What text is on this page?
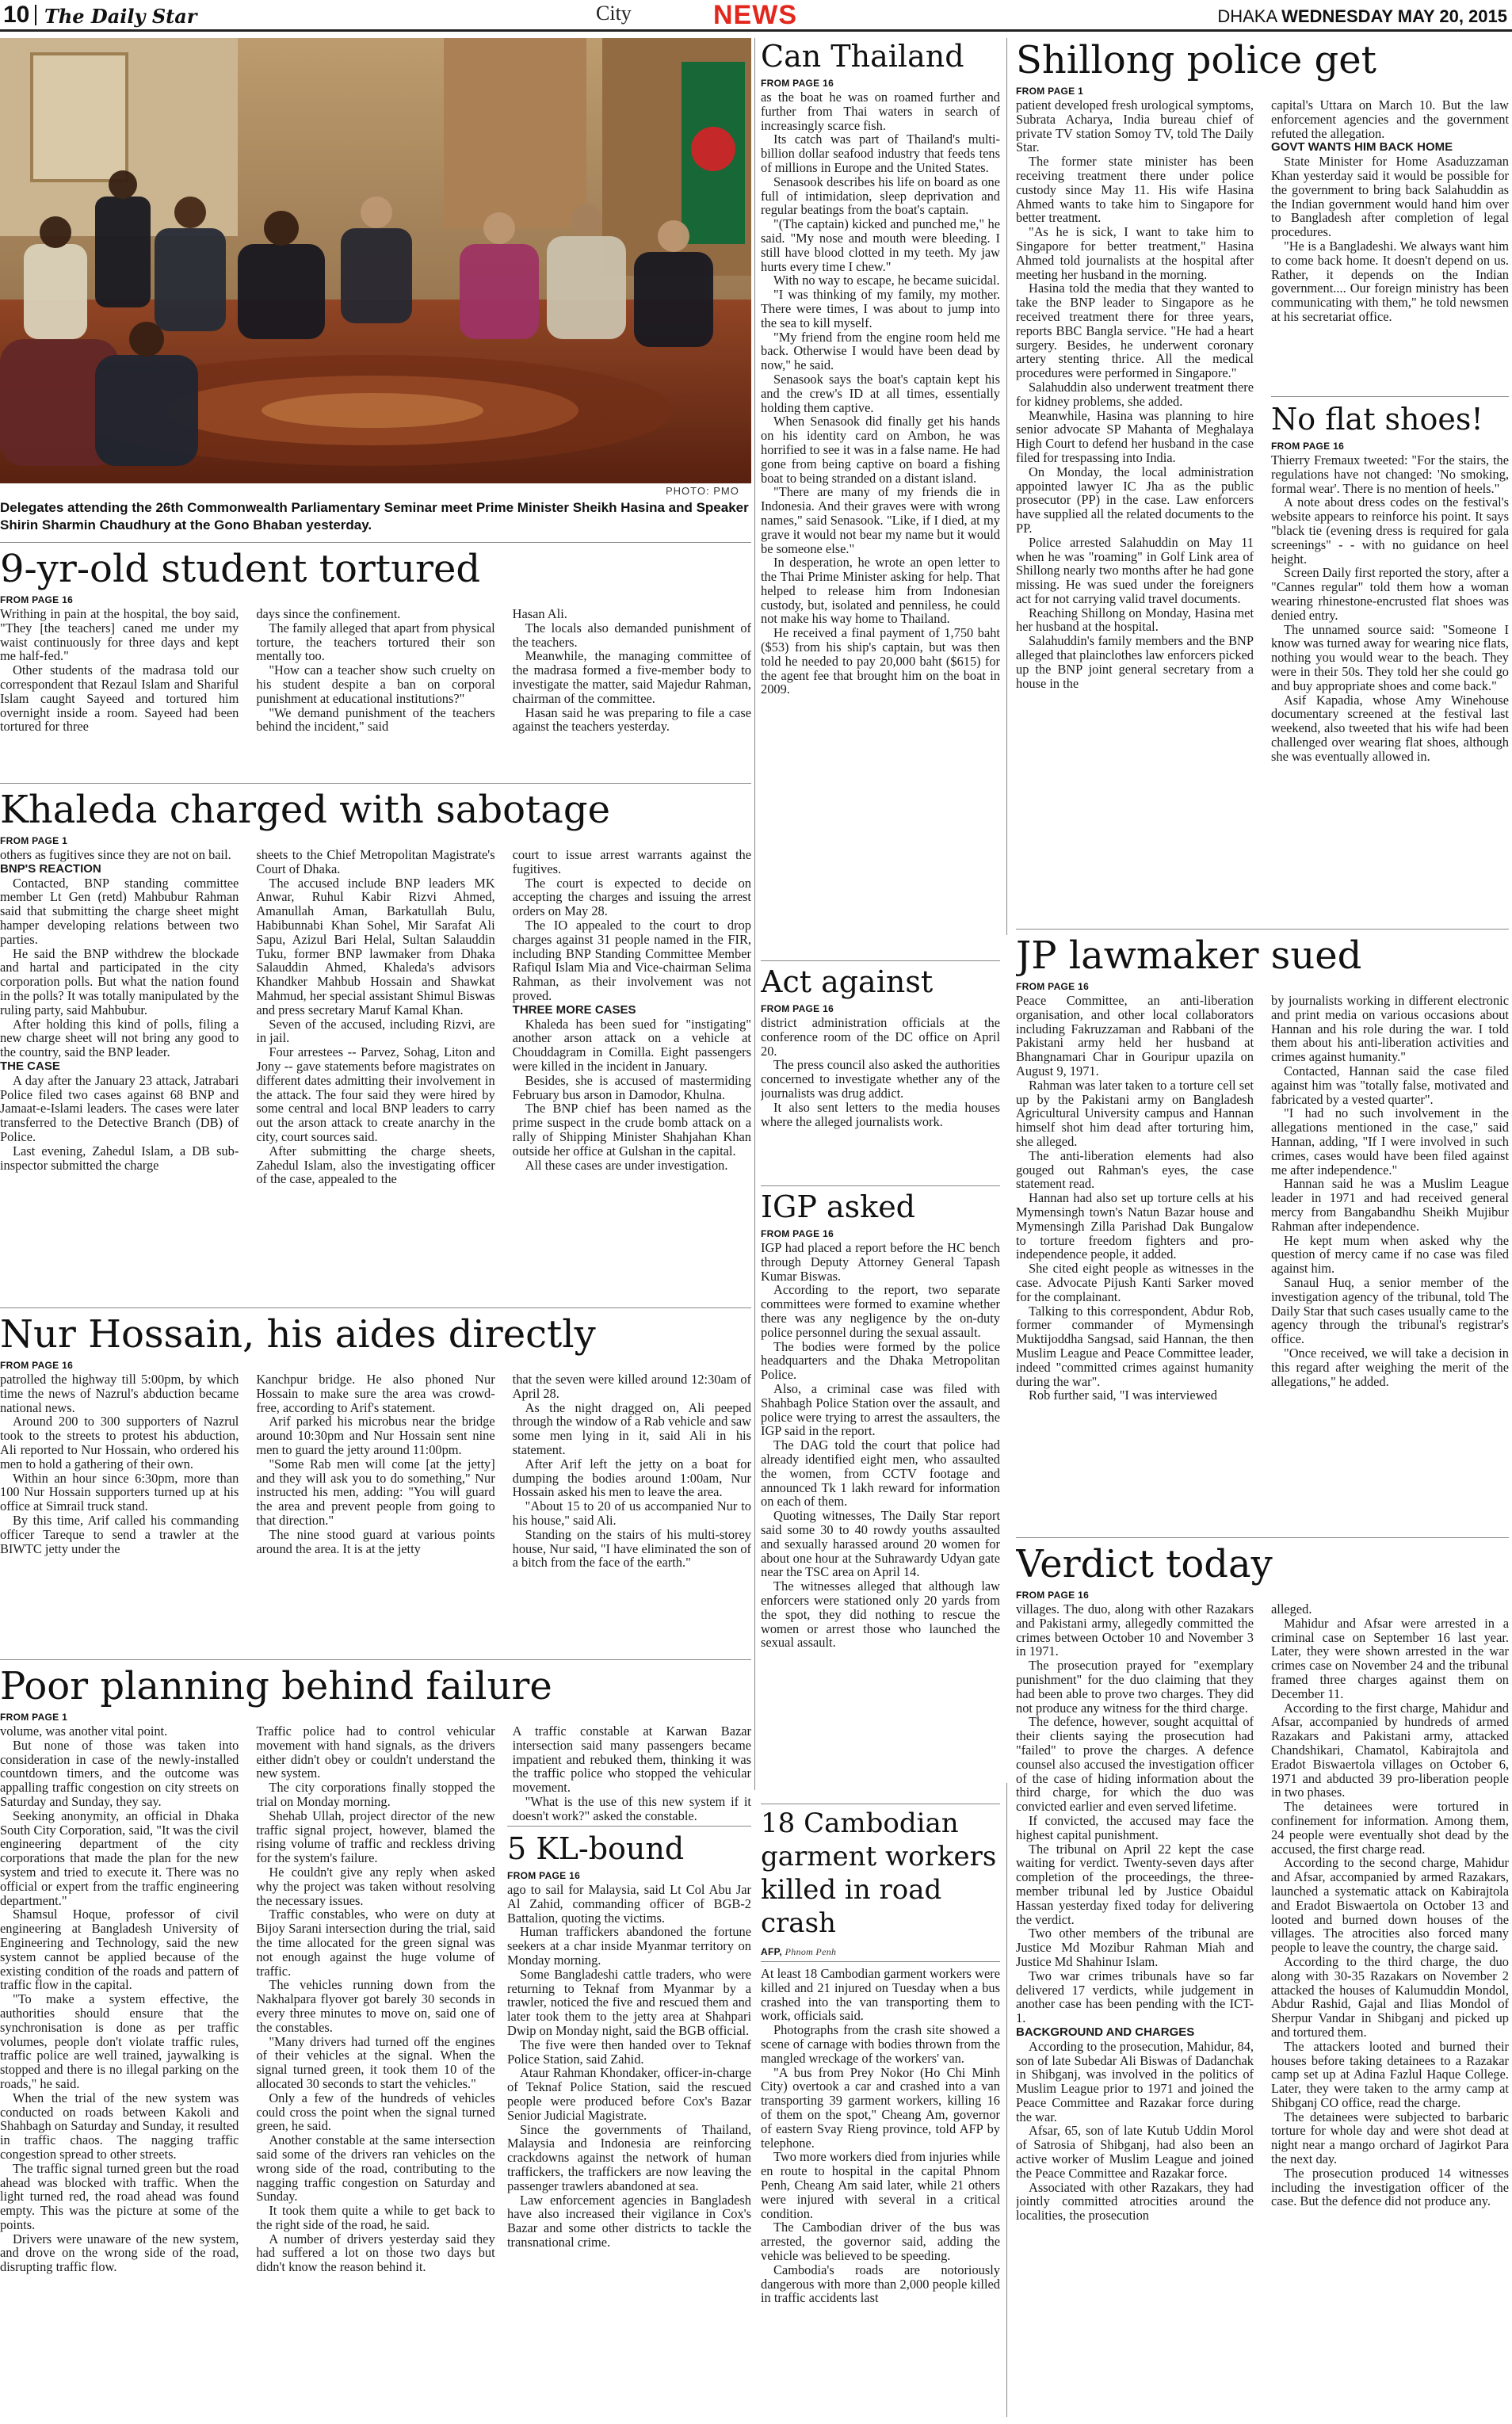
10 The Daily Star	City	NEWS	DHAKA WEDNESDAY MAY 20, 2015
PHOTO: PMO
Delegates attending the 26th Commonwealth Parliamentary Seminar meet Prime Minister Sheikh Hasina and Speaker Shirin Sharmin Chaudhury at the Gono Bhaban yesterday.
9-yr-old student tortured
FROM PAGE 16

Writhing in pain at the hospital, the boy said, "They [the teachers] caned me under my waist continuously for three days and kept me half-fed."

Other students of the madrasa told our correspondent that Rezaul Islam and Shariful Islam caught Sayeed and tortured him overnight inside a room. Sayeed had been tortured for three

days since the confinement.

The family alleged that apart from physical torture, the teachers tortured their son mentally too.

"How can a teacher show such cruelty on his student despite a ban on corporal punishment at educational institutions?"

"We demand punishment of the teachers behind the incident," said

Hasan Ali.

The locals also demanded punishment of the teachers.

Meanwhile, the managing committee of the madrasa formed a five-member body to investigate the matter, said Majedur Rahman, chairman of the committee.

Hasan said he was preparing to file a case against the teachers yesterday.

Khaleda charged with sabotage
FROM PAGE 1

others as fugitives since they are not on bail.

BNP'S REACTION

Contacted, BNP standing committee member Lt Gen (retd) Mahbubur Rahman said that submitting the charge sheet might hamper developing relations between two parties.

He said the BNP withdrew the blockade and hartal and participated in the city corporation polls. But what the nation found in the polls? It was totally manipulated by the ruling party, said Mahbubur.

After holding this kind of polls, filing a new charge sheet will not bring any good to the country, said the BNP leader.

THE CASE

A day after the January 23 attack, Jatrabari Police filed two cases against 68 BNP and Jamaat-e-Islami leaders. The cases were later transferred to the Detective Branch (DB) of Police.

Last evening, Zahedul Islam, a DB sub-inspector submitted the charge

sheets to the Chief Metropolitan Magistrate's Court of Dhaka.

The accused include BNP leaders MK Anwar, Ruhul Kabir Rizvi Ahmed, Amanullah Aman, Barkatullah Bulu, Habibunnabi Khan Sohel, Mir Sarafat Ali Sapu, Azizul Bari Helal, Sultan Salauddin Tuku, former BNP lawmaker from Dhaka Salauddin Ahmed, Khaleda's advisors Khandker Mahbub Hossain and Shawkat Mahmud, her special assistant Shimul Biswas and press secretary Maruf Kamal Khan.

Seven of the accused, including Rizvi, are in jail.

Four arrestees -- Parvez, Sohag, Liton and Jony -- gave statements before magistrates on different dates admitting their involvement in the attack. The four said they were hired by some central and local BNP leaders to carry out the arson attack to create anarchy in the city, court sources said.

After submitting the charge sheets, Zahedul Islam, also the investigating officer of the case, appealed to the

court to issue arrest warrants against the fugitives.

The court is expected to decide on accepting the charges and issuing the arrest orders on May 28.

The IO appealed to the court to drop charges against 31 people named in the FIR, including BNP Standing Committee Member Rafiqul Islam Mia and Vice-chairman Selima Rahman, as their involvement was not proved.

THREE MORE CASES

Khaleda has been sued for "instigating" another arson attack on a vehicle at Chouddagram in Comilla. Eight passengers were killed in the incident in January.

Besides, she is accused of mastermiding February bus arson in Damodor, Khulna.

The BNP chief has been named as the prime suspect in the crude bomb attack on a rally of Shipping Minister Shahjahan Khan outside her office at Gulshan in the capital.

All these cases are under investigation.

Nur Hossain, his aides directly
FROM PAGE 16

patrolled the highway till 5:00pm, by which time the news of Nazrul's abduction became national news.

Around 200 to 300 supporters of Nazrul took to the streets to protest his abduction, Ali reported to Nur Hossain, who ordered his men to hold a gathering of their own.

Within an hour since 6:30pm, more than 100 Nur Hossain supporters turned up at his office at Simrail truck stand.

By this time, Arif called his commanding officer Tareque to send a trawler at the BIWTC jetty under the

Kanchpur bridge. He also phoned Nur Hossain to make sure the area was crowd-free, according to Arif's statement.

Arif parked his microbus near the bridge around 10:30pm and Nur Hossain sent nine men to guard the jetty around 11:00pm.

"Some Rab men will come [at the jetty] and they will ask you to do something," Nur instructed his men, adding: "You will guard the area and prevent people from going to that direction."

The nine stood guard at various points around the area. It is at the jetty

that the seven were killed around 12:30am of April 28.

As the night dragged on, Ali peeped through the window of a Rab vehicle and saw some men lying in it, said Ali in his statement.

After Arif left the jetty on a boat for dumping the bodies around 1:00am, Nur Hossain asked his men to leave the area.

"About 15 to 20 of us accompanied Nur to his house," said Ali.

Standing on the stairs of his multi-storey house, Nur said, "I have eliminated the son of a bitch from the face of the earth."

Poor planning behind failure
FROM PAGE 1

volume, was another vital point.

But none of those was taken into consideration in case of the newly-installed countdown timers, and the outcome was appalling traffic congestion on city streets on Saturday and Sunday, they say.

Seeking anonymity, an official in Dhaka South City Corporation, said, "It was the civil engineering department of the city corporations that made the plan for the new system and tried to execute it. There was no official or expert from the traffic engineering department."

Shamsul Hoque, professor of civil engineering at Bangladesh University of Engineering and Technology, said the new system cannot be applied because of the existing condition of the roads and pattern of traffic flow in the capital.

"To make a system effective, the authorities should ensure that the synchronisation is done as per traffic volumes, people don't violate traffic rules, traffic police are well trained, jaywalking is stopped and there is no illegal parking on the roads," he said.

When the trial of the new system was conducted on roads between Kakoli and Shahbagh on Saturday and Sunday, it resulted in traffic chaos. The nagging traffic congestion spread to other streets.

The traffic signal turned green but the road ahead was blocked with traffic. When the light turned red, the road ahead was found empty. This was the picture at some of the points.

Drivers were unaware of the new system, and drove on the wrong side of the road, disrupting traffic flow.

Traffic police had to control vehicular movement with hand signals, as the drivers either didn't obey or couldn't understand the new system.

The city corporations finally stopped the trial on Monday morning.

Shehab Ullah, project director of the new traffic signal project, however, blamed the rising volume of traffic and reckless driving for the system's failure.

He couldn't give any reply when asked why the project was taken without resolving the necessary issues.

Traffic constables, who were on duty at Bijoy Sarani intersection during the trial, said the time allocated for the green signal was not enough against the huge volume of traffic.

The vehicles running down from the Nakhalpara flyover got barely 30 seconds in every three minutes to move on, said one of the constables.

"Many drivers had turned off the engines of their vehicles at the signal. When the signal turned green, it took them 10 of the allocated 30 seconds to start the vehicles."

Only a few of the hundreds of vehicles could cross the point when the signal turned green, he said.

Another constable at the same intersection said some of the drivers ran vehicles on the wrong side of the road, contributing to the nagging traffic congestion on Saturday and Sunday.

It took them quite a while to get back to the right side of the road, he said.

A number of drivers yesterday said they had suffered a lot on those two days but didn't know the reason behind it.

A traffic constable at Karwan Bazar intersection said many passengers became impatient and rebuked them, thinking it was the traffic police who stopped the vehicular movement.

"What is the use of this new system if it doesn't work?" asked the constable.

5 KL-bound
FROM PAGE 16

ago to sail for Malaysia, said Lt Col Abu Jar Al Zahid, commanding officer of BGB-2 Battalion, quoting the victims.

Human traffickers abandoned the fortune seekers at a char inside Myanmar territory on Monday morning.

Some Bangladeshi cattle traders, who were returning to Teknaf from Myanmar by a trawler, noticed the five and rescued them and later took them to the jetty area at Shahpari Dwip on Monday night, said the BGB official.

The five were then handed over to Teknaf Police Station, said Zahid.

Ataur Rahman Khondaker, officer-in-charge of Teknaf Police Station, said the rescued people were produced before Cox's Bazar Senior Judicial Magistrate.

Since the governments of Thailand, Malaysia and Indonesia are reinforcing crackdowns against the network of human traffickers, the traffickers are now leaving the passenger trawlers abandoned at sea.

Law enforcement agencies in Bangladesh have also increased their vigilance in Cox's Bazar and some other districts to tackle the transnational crime.

Can Thailand
FROM PAGE 16

as the boat he was on roamed further and further from Thai waters in search of increasingly scarce fish.

Its catch was part of Thailand's multi-billion dollar seafood industry that feeds tens of millions in Europe and the United States.

Senasook describes his life on board as one full of intimidation, sleep deprivation and regular beatings from the boat's captain.

"(The captain) kicked and punched me," he said. "My nose and mouth were bleeding. I still have blood clotted in my teeth. My jaw hurts every time I chew."

With no way to escape, he became suicidal.

"I was thinking of my family, my mother. There were times, I was about to jump into the sea to kill myself.

"My friend from the engine room held me back. Otherwise I would have been dead by now," he said.

Senasook says the boat's captain kept his and the crew's ID at all times, essentially holding them captive.

When Senasook did finally get his hands on his identity card on Ambon, he was horrified to see it was in a false name. He had gone from being captive on board a fishing boat to being stranded on a distant island.

"There are many of my friends die in Indonesia. And their graves were with wrong names," said Senasook. "Like, if I died, at my grave it would not bear my name but it would be someone else."

In desperation, he wrote an open letter to the Thai Prime Minister asking for help. That helped to release him from Indonesian custody, but, isolated and penniless, he could not make his way home to Thailand.

He received a final payment of 1,750 baht ($53) from his ship's captain, but was then told he needed to pay 20,000 baht ($615) for the agent fee that brought him on the boat in 2009.

Act against
FROM PAGE 16

district administration officials at the conference room of the DC office on April 20.

The press council also asked the authorities concerned to investigate whether any of the journalists was drug addict.

It also sent letters to the media houses where the alleged journalists work.

IGP asked
FROM PAGE 16

IGP had placed a report before the HC bench through Deputy Attorney General Tapash Kumar Biswas.

According to the report, two separate committees were formed to examine whether there was any negligence by the on-duty police personnel during the sexual assault.

The bodies were formed by the police headquarters and the Dhaka Metropolitan Police.

Also, a criminal case was filed with Shahbagh Police Station over the assault, and police were trying to arrest the assaulters, the IGP said in the report.

The DAG told the court that police had already identified eight men, who assaulted the women, from CCTV footage and announced Tk 1 lakh reward for information on each of them.

Quoting witnesses, The Daily Star report said some 30 to 40 rowdy youths assaulted and sexually harassed around 20 women for about one hour at the Suhrawardy Udyan gate near the TSC area on April 14.

The witnesses alleged that although law enforcers were stationed only 20 yards from the spot, they did nothing to rescue the women or arrest those who launched the sexual assault.

18 Cambodian garment workers killed in road crash
AFP, Phnom Penh

At least 18 Cambodian garment workers were killed and 21 injured on Tuesday when a bus crashed into the van transporting them to work, officials said.

Photographs from the crash site showed a scene of carnage with bodies thrown from the mangled wreckage of the workers' van.

"A bus from Prey Nokor (Ho Chi Minh City) overtook a car and crashed into a van transporting 39 garment workers, killing 16 of them on the spot," Cheang Am, governor of eastern Svay Rieng province, told AFP by telephone.

Two more workers died from injuries while en route to hospital in the capital Phnom Penh, Cheang Am said later, while 21 others were injured with several in a critical condition.

The Cambodian driver of the bus was arrested, the governor said, adding the vehicle was believed to be speeding.

Cambodia's roads are notoriously dangerous with more than 2,000 people killed in traffic accidents last

Shillong police get
FROM PAGE 1

patient developed fresh urological symptoms, Subrata Acharya, India bureau chief of private TV station Somoy TV, told The Daily Star.

The former state minister has been receiving treatment there under police custody since May 11. His wife Hasina Ahmed wants to take him to Singapore for better treatment.

"As he is sick, I want to take him to Singapore for better treatment," Hasina Ahmed told journalists at the hospital after meeting her husband in the morning.

Hasina told the media that they wanted to take the BNP leader to Singapore as he received treatment there for three years, reports BBC Bangla service. "He had a heart surgery. Besides, he underwent coronary artery stenting thrice. All the medical procedures were performed in Singapore."

Salahuddin also underwent treatment there for kidney problems, she added.

Meanwhile, Hasina was planning to hire senior advocate SP Mahanta of Meghalaya High Court to defend her husband in the case filed for trespassing into India.

On Monday, the local administration appointed lawyer IC Jha as the public prosecutor (PP) in the case. Law enforcers have supplied all the related documents to the PP.

Police arrested Salahuddin on May 11 when he was "roaming" in Golf Link area of Shillong nearly two months after he had gone missing. He was sued under the foreigners act for not carrying valid travel documents.

Reaching Shillong on Monday, Hasina met her husband at the hospital.

Salahuddin's family members and the BNP alleged that plainclothes law enforcers picked up the BNP joint general secretary from a house in the

capital's Uttara on March 10. But the law enforcement agencies and the government refuted the allegation.

GOVT WANTS HIM BACK HOME

State Minister for Home Asaduzzaman Khan yesterday said it would be possible for the government to bring back Salahuddin as the Indian government would hand him over to Bangladesh after completion of legal procedures.

"He is a Bangladeshi. We always want him to come back home. It doesn't depend on us. Rather, it depends on the Indian government.... Our foreign ministry has been communicating with them," he told newsmen at his secretariat office.

No flat shoes!
FROM PAGE 16

Thierry Fremaux tweeted: "For the stairs, the regulations have not changed: 'No smoking, formal wear'. There is no mention of heels."

A note about dress codes on the festival's website appears to reinforce his point. It says "black tie (evening dress is required for gala screenings" - - with no guidance on heel height.

Screen Daily first reported the story, after a "Cannes regular" told them how a woman wearing rhinestone-encrusted flat shoes was denied entry.

The unnamed source said: "Someone I know was turned away for wearing nice flats, nothing you would wear to the beach. They were in their 50s. They told her she could go and buy appropriate shoes and come back."

Asif Kapadia, whose Amy Winehouse documentary screened at the festival last weekend, also tweeted that his wife had been challenged over wearing flat shoes, although she was eventually allowed in.

JP lawmaker sued
FROM PAGE 16

Peace Committee, an anti-liberation organisation, and other local collaborators including Fakruzzaman and Rabbani of the Pakistani army held her husband at Bhangnamari Char in Gouripur upazila on August 9, 1971.

Rahman was later taken to a torture cell set up by the Pakistani army on Bangladesh Agricultural University campus and Hannan himself shot him dead after torturing him, she alleged.

The anti-liberation elements had also gouged out Rahman's eyes, the case statement read.

Hannan had also set up torture cells at his Mymensingh town's Natun Bazar house and Mymensingh Zilla Parishad Dak Bungalow to torture freedom fighters and pro-independence people, it added.

She cited eight people as witnesses in the case. Advocate Pijush Kanti Sarker moved for the complainant.

Talking to this correspondent, Abdur Rob, former commander of Mymensingh Muktijoddha Sangsad, said Hannan, the then Muslim League and Peace Committee leader, indeed "committed crimes against humanity during the war".

Rob further said, "I was interviewed

by journalists working in different electronic and print media on various occasions about Hannan and his role during the war. I told them about his anti-liberation activities and crimes against humanity."

Contacted, Hannan said the case filed against him was "totally false, motivated and fabricated by a vested quarter".

"I had no such involvement in the allegations mentioned in the case," said Hannan, adding, "If I were involved in such crimes, cases would have been filed against me after independence."

Hannan said he was a Muslim League leader in 1971 and had received general mercy from Bangabandhu Sheikh Mujibur Rahman after independence.

He kept mum when asked why the question of mercy came if no case was filed against him.

Sanaul Huq, a senior member of the investigation agency of the tribunal, told The Daily Star that such cases usually came to the agency through the tribunal's registrar's office.

"Once received, we will take a decision in this regard after weighing the merit of the allegations," he added.

Verdict today
FROM PAGE 16

villages. The duo, along with other Razakars and Pakistani army, allegedly committed the crimes between October 10 and November 3 in 1971.

The prosecution prayed for "exemplary punishment" for the duo claiming that they had been able to prove two charges. They did not produce any witness for the third charge.

The defence, however, sought acquittal of their clients saying the prosecution had "failed" to prove the charges. A defence counsel also accused the investigation officer of the case of hiding information about the third charge, for which the duo was convicted earlier and even served lifetime.

If convicted, the accused may face the highest capital punishment.

The tribunal on April 22 kept the case waiting for verdict. Twenty-seven days after completion of the proceedings, the three-member tribunal led by Justice Obaidul Hassan yesterday fixed today for delivering the verdict.

Two other members of the tribunal are Justice Md Mozibur Rahman Miah and Justice Md Shahinur Islam.

Two war crimes tribunals have so far delivered 17 verdicts, while judgement in another case has been pending with the ICT-1.

BACKGROUND AND CHARGES

According to the prosecution, Mahidur, 84, son of late Subedar Ali Biswas of Dadanchak in Shibganj, was involved in the politics of Muslim League prior to 1971 and joined the Peace Committee and Razakar force during the war.

Afsar, 65, son of late Kutub Uddin Morol of Satrosia of Shibganj, had also been an active worker of Muslim League and joined the Peace Committee and Razakar force.

Associated with other Razakars, they had jointly committed atrocities around the localities, the prosecution

alleged.

Mahidur and Afsar were arrested in a criminal case on September 16 last year. Later, they were shown arrested in the war crimes case on November 24 and the tribunal framed three charges against them on December 11.

According to the first charge, Mahidur and Afsar, accompanied by hundreds of armed Razakars and Pakistani army, attacked Chandshikari, Chamatol, Kabirajtola and Eradot Biswaertola villages on October 6, 1971 and abducted 39 pro-liberation people in two phases.

The detainees were tortured in confinement for information. Among them, 24 people were eventually shot dead by the accused, the first charge read.

According to the second charge, Mahidur and Afsar, accompanied by armed Razakars, launched a systematic attack on Kabirajtola and Eradot Biswaertola on October 13 and looted and burned down houses of the villages. The atrocities also forced many people to leave the country, the charge said.

According to the third charge, the duo along with 30-35 Razakars on November 2 attacked the houses of Kalumuddin Mondol, Abdur Rashid, Gajal and Ilias Mondol of Sherpur Vandar in Shibganj and picked up and tortured them.

The attackers looted and burned their houses before taking detainees to a Razakar camp set up at Adina Fazlul Haque College. Later, they were taken to the army camp at Shibganj CO office, read the charge.

The detainees were subjected to barbaric torture for whole day and were shot dead at night near a mango orchard of Jagirkot Para the next day.

The prosecution produced 14 witnesses including the investigation officer of the case. But the defence did not produce any.
